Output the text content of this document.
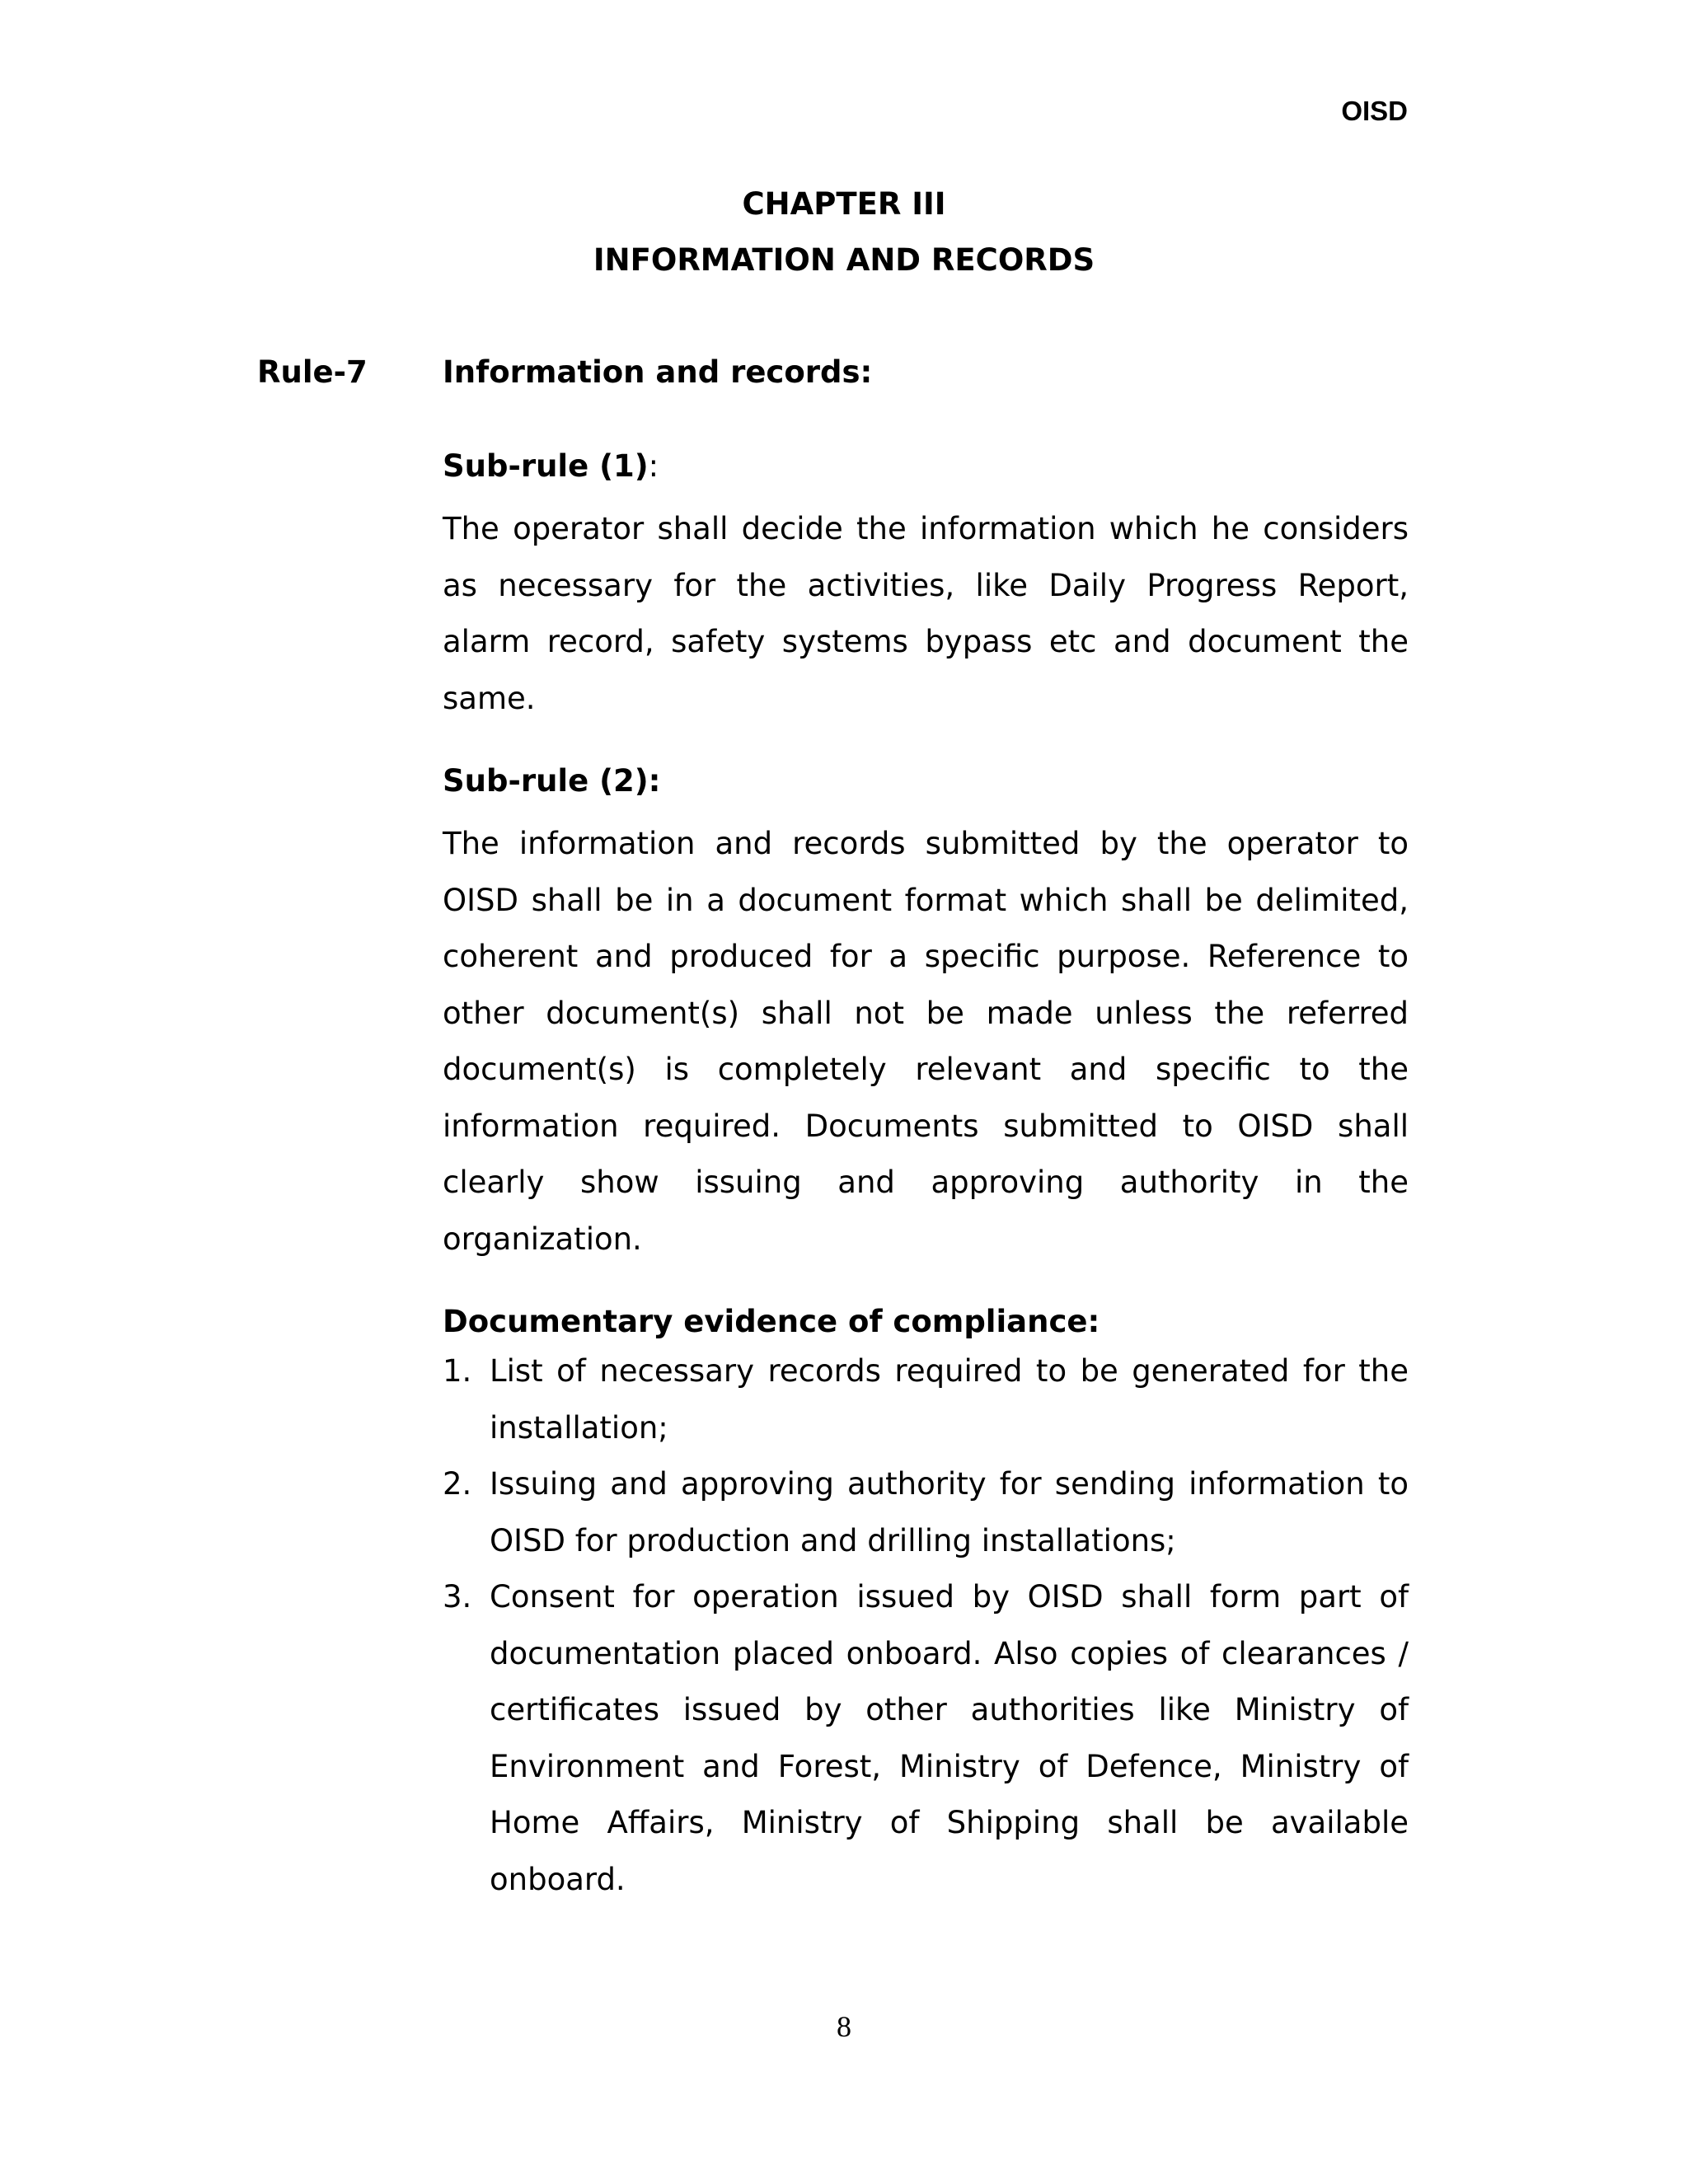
OISD
CHAPTER III
INFORMATION AND RECORDS
Rule-7 Information and records:

Sub-rule (1):

The operator shall decide the information which he considers as necessary for the activities, like Daily Progress Report, alarm record, safety systems bypass etc and document the same.

Sub-rule (2):

The information and records submitted by the operator to OISD shall be in a document format which shall be delimited, coherent and produced for a specific purpose. Reference to other document(s) shall not be made unless the referred document(s) is completely relevant and specific to the information required. Documents submitted to OISD shall clearly show issuing and approving authority in the organization.

Documentary evidence of compliance:

1. List of necessary records required to be generated for the installation;
2. Issuing and approving authority for sending information to OISD for production and drilling installations;
3. Consent for operation issued by OISD shall form part of documentation placed onboard. Also copies of clearances / certificates issued by other authorities like Ministry of Environment and Forest, Ministry of Defence, Ministry of Home Affairs, Ministry of Shipping shall be available onboard.
8
